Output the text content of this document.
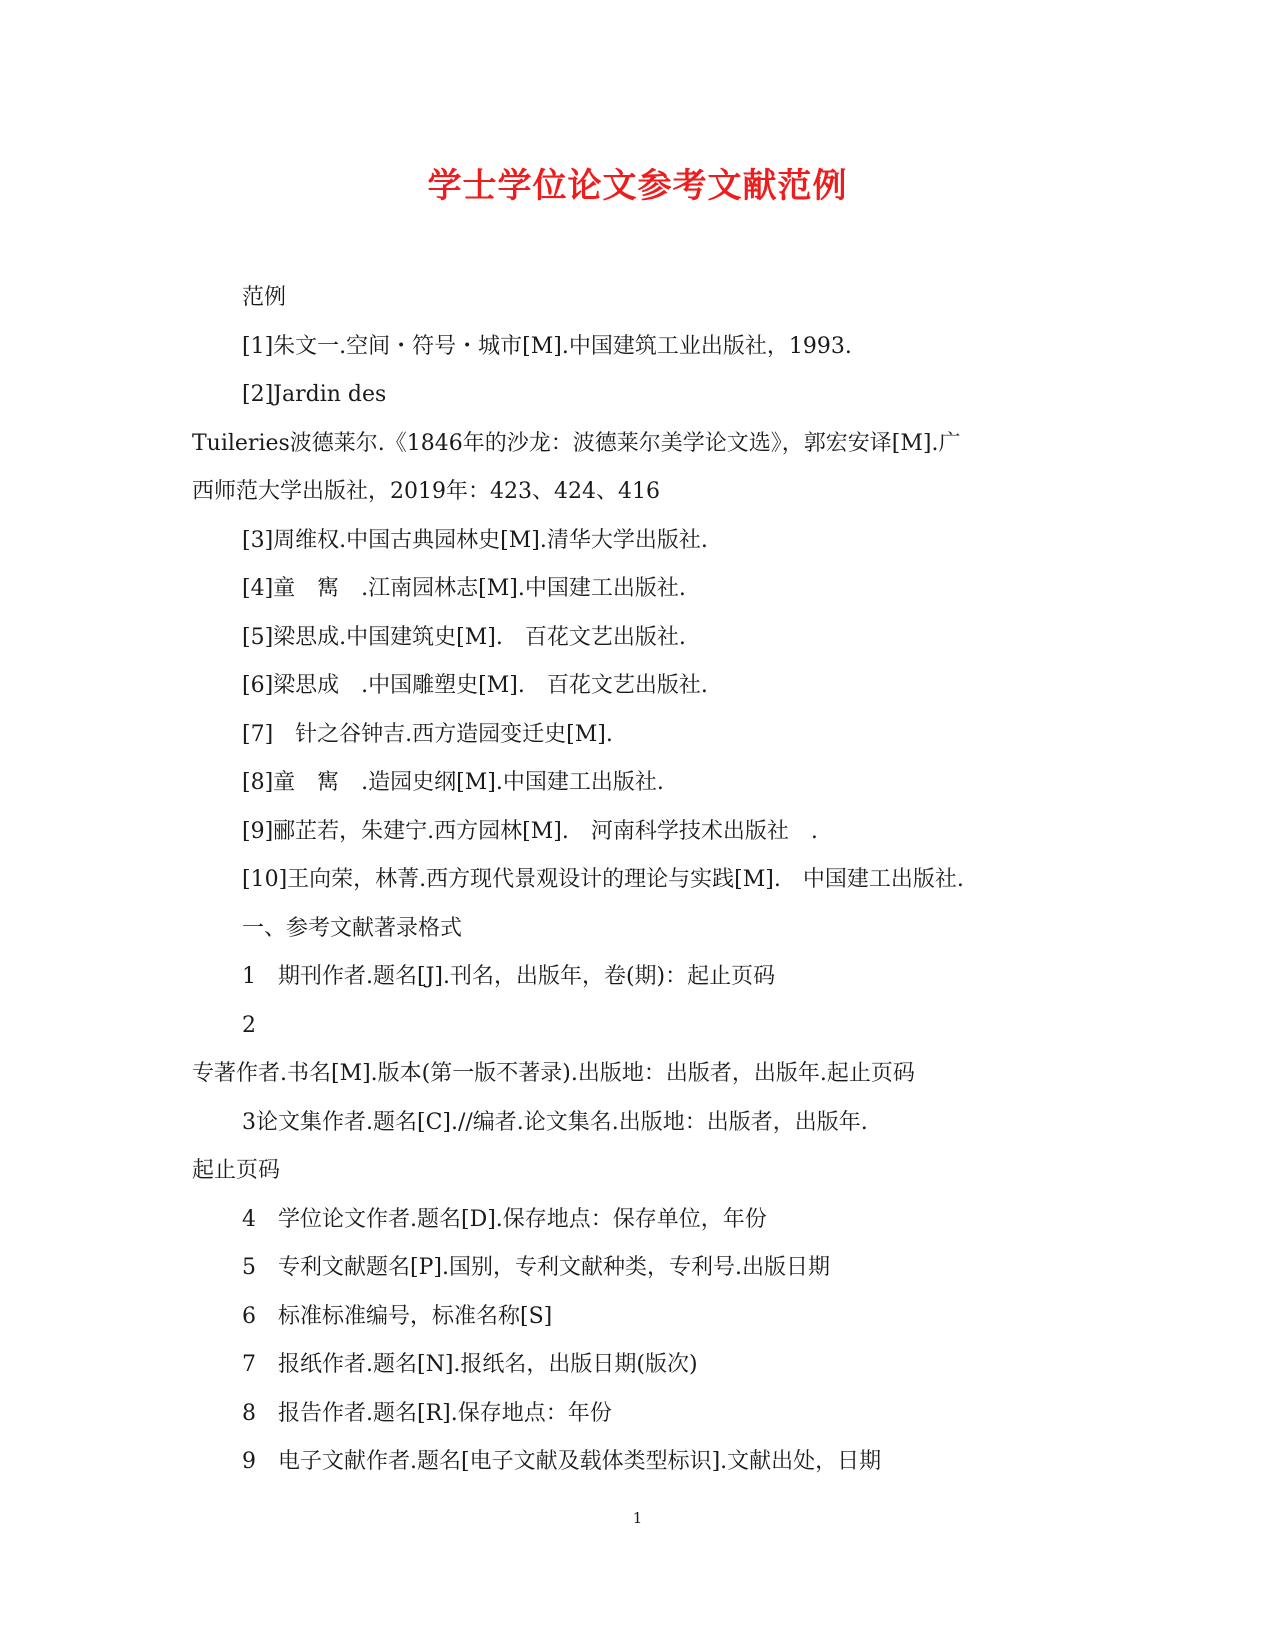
学士学位论文参考文献范例
范例
[1]朱文一.空间・符号・城市[M].中国建筑工业出版社，1993.
[2]Jardin des
Tuileries波德莱尔.《1846年的沙龙：波德莱尔美学论文选》，郭宏安译[M].广
西师范大学出版社，2019年：423、424、416
[3]周维权.中国古典园林史[M].清华大学出版社.
[4]童　寯　.江南园林志[M].中国建工出版社.
[5]梁思成.中国建筑史[M].　百花文艺出版社.
[6]梁思成　.中国雕塑史[M].　百花文艺出版社.
[7]　针之谷钟吉.西方造园变迁史[M].
[8]童　寯　.造园史纲[M].中国建工出版社.
[9]郦芷若，朱建宁.西方园林[M].　河南科学技术出版社　.
[10]王向荣，林菁.西方现代景观设计的理论与实践[M].　中国建工出版社.
一、参考文献著录格式
1　期刊作者.题名[J].刊名，出版年，卷(期)：起止页码
2
专著作者.书名[M].版本(第一版不著录).出版地：出版者，出版年.起止页码
3论文集作者.题名[C].//编者.论文集名.出版地：出版者，出版年.
起止页码
4　学位论文作者.题名[D].保存地点：保存单位，年份
5　专利文献题名[P].国别，专利文献种类，专利号.出版日期
6　标准标准编号，标准名称[S]
7　报纸作者.题名[N].报纸名，出版日期(版次)
8　报告作者.题名[R].保存地点：年份
9　电子文献作者.题名[电子文献及载体类型标识].文献出处，日期
1
